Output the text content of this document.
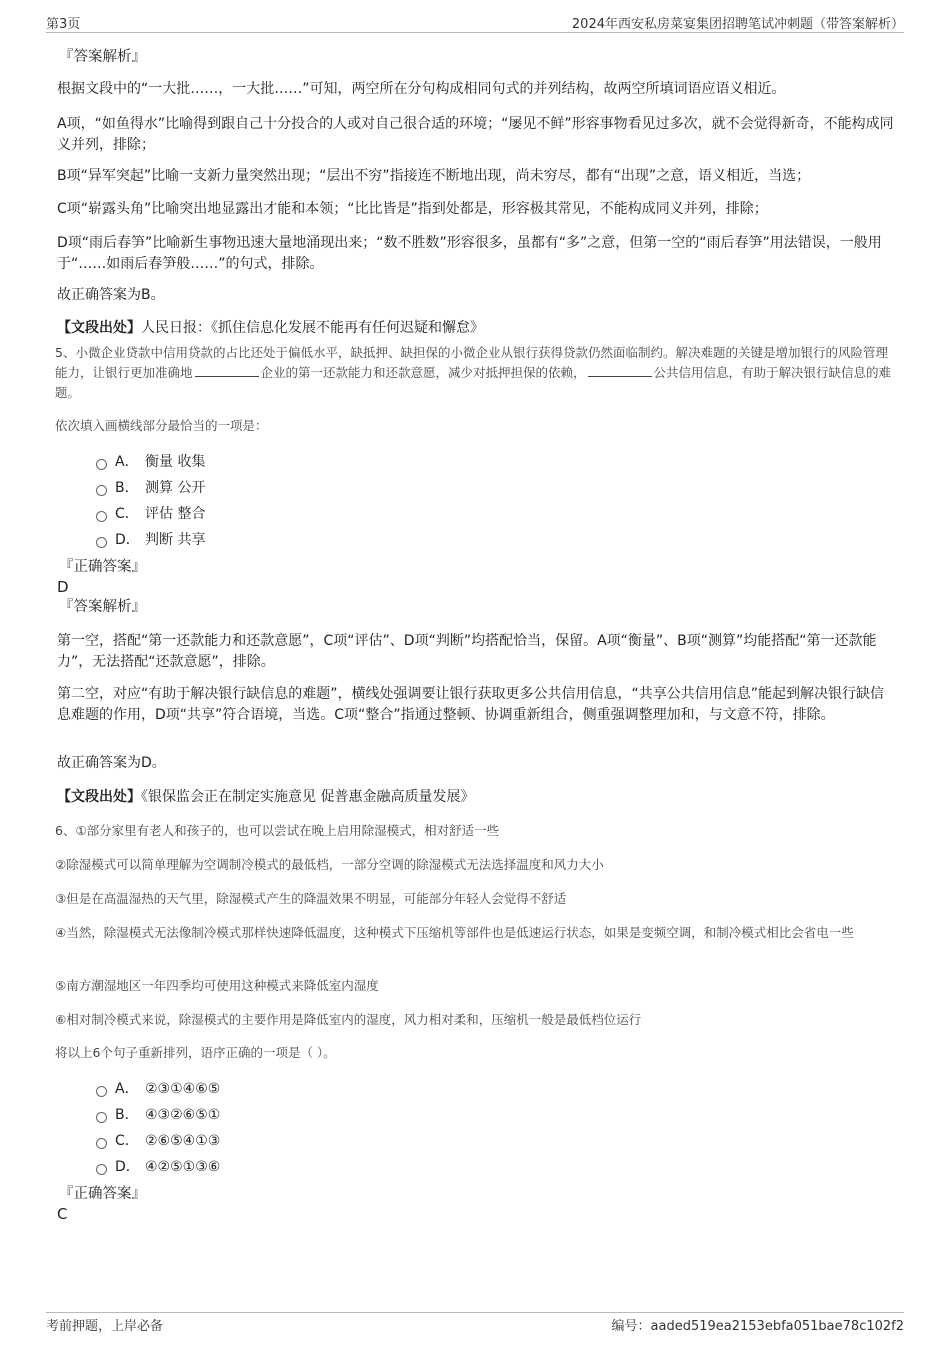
第3页	2024年西安私房菜宴集团招聘笔试冲刺题（带答案解析）
『答案解析』
根据文段中的“一大批……，一大批……”可知，两空所在分句构成相同句式的并列结构，故两空所填词语应语义相近。
A项，“如鱼得水”比喻得到跟自己十分投合的人或对自己很合适的环境；“屡见不鲜”形容事物看见过多次，就不会觉得新奇，不能构成同义并列，排除；
B项“异军突起”比喻一支新力量突然出现；“层出不穷”指接连不断地出现，尚未穷尽，都有“出现”之意，语义相近，当选；
C项“崭露头角”比喻突出地显露出才能和本领；“比比皆是”指到处都是，形容极其常见，不能构成同义并列，排除；
D项“雨后春笋”比喻新生事物迅速大量地涌现出来；“数不胜数”形容很多，虽都有“多”之意，但第一空的“雨后春笋”用法错误，一般用于“……如雨后春笋般……”的句式，排除。
故正确答案为B。
【文段出处】人民日报：《抓住信息化发展不能再有任何迟疑和懈怠》
5、小微企业贷款中信用贷款的占比还处于偏低水平，缺抵押、缺担保的小微企业从银行获得贷款仍然面临制约。解决难题的关键是增加银行的风险管理能力，让银行更加准确地	企业的第一还款能力和还款意愿，减少对抵押担保的依赖，	公共信用信息，有助于解决银行缺信息的难题。
依次填入画横线部分最恰当的一项是：
A． 衡量 收集
B． 测算 公开
C． 评估 整合
D． 判断 共享
『正确答案』
D
『答案解析』
第一空，搭配“第一还款能力和还款意愿”，C项“评估”、D项“判断”均搭配恰当，保留。A项“衡量”、B项“测算”均能搭配“第一还款能力”，无法搭配“还款意愿”，排除。
第二空，对应“有助于解决银行缺信息的难题”，横线处强调要让银行获取更多公共信用信息，“共享公共信用信息”能起到解决银行缺信息难题的作用，D项“共享”符合语境，当选。C项“整合”指通过整顿、协调重新组合，侧重强调整理加和，与文意不符，排除。
故正确答案为D。
【文段出处】《银保监会正在制定实施意见 促普惠金融高质量发展》
6、①部分家里有老人和孩子的，也可以尝试在晚上启用除湿模式，相对舒适一些
②除湿模式可以简单理解为空调制冷模式的最低档，一部分空调的除湿模式无法选择温度和风力大小
③但是在高温湿热的天气里，除湿模式产生的降温效果不明显，可能部分年轻人会觉得不舒适
④当然，除湿模式无法像制冷模式那样快速降低温度，这种模式下压缩机等部件也是低速运行状态，如果是变频空调，和制冷模式相比会省电一些
⑤南方潮湿地区一年四季均可使用这种模式来降低室内湿度
⑥相对制冷模式来说，除湿模式的主要作用是降低室内的湿度，风力相对柔和，压缩机一般是最低档位运行
将以上6个句子重新排列，语序正确的一项是（ ）。
A． ②③①④⑥⑤
B． ④③②⑥⑤①
C． ②⑥⑤④①③
D． ④②⑤①③⑥
『正确答案』
C
考前押题，上岸必备	编号：aaded519ea2153ebfa051bae78c102f2
